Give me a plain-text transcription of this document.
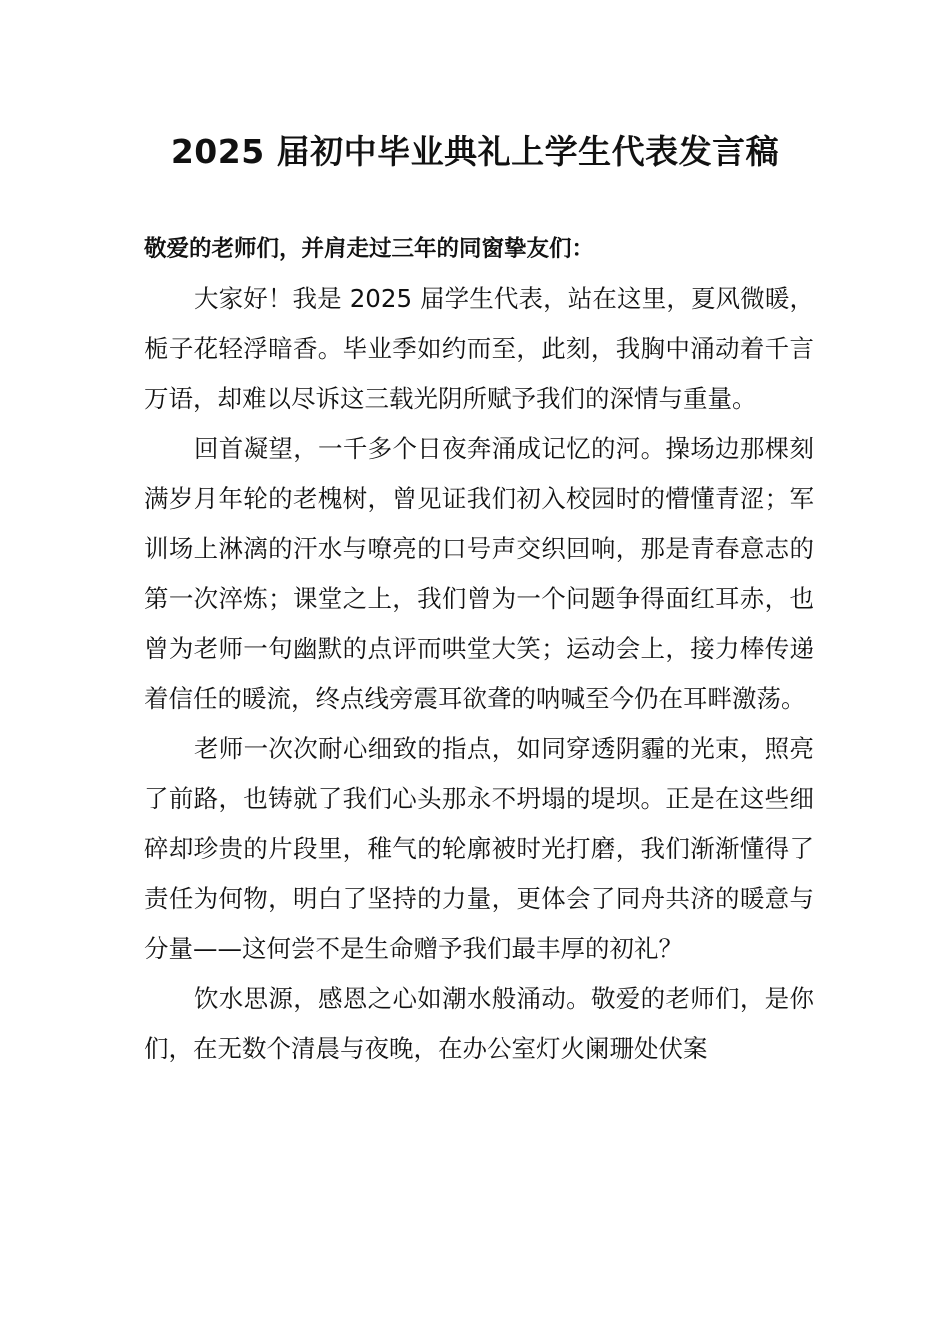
2025 届初中毕业典礼上学生代表发言稿

敬爱的老师们，并肩走过三年的同窗挚友们：

大家好！我是 2025 届学生代表，站在这里，夏风微暖，栀子花轻浮暗香。毕业季如约而至，此刻，我胸中涌动着千言万语，却难以尽诉这三载光阴所赋予我们的深情与重量。

回首凝望，一千多个日夜奔涌成记忆的河。操场边那棵刻满岁月年轮的老槐树，曾见证我们初入校园时的懵懂青涩；军训场上淋漓的汗水与嘹亮的口号声交织回响，那是青春意志的第一次淬炼；课堂之上，我们曾为一个问题争得面红耳赤，也曾为老师一句幽默的点评而哄堂大笑；运动会上，接力棒传递着信任的暖流，终点线旁震耳欲聋的呐喊至今仍在耳畔激荡。

老师一次次耐心细致的指点，如同穿透阴霾的光束，照亮了前路，也铸就了我们心头那永不坍塌的堤坝。正是在这些细碎却珍贵的片段里，稚气的轮廓被时光打磨，我们渐渐懂得了责任为何物，明白了坚持的力量，更体会了同舟共济的暖意与分量——这何尝不是生命赠予我们最丰厚的初礼？

饮水思源，感恩之心如潮水般涌动。敬爱的老师们，是你们，在无数个清晨与夜晚，在办公室灯火阑珊处伏案
